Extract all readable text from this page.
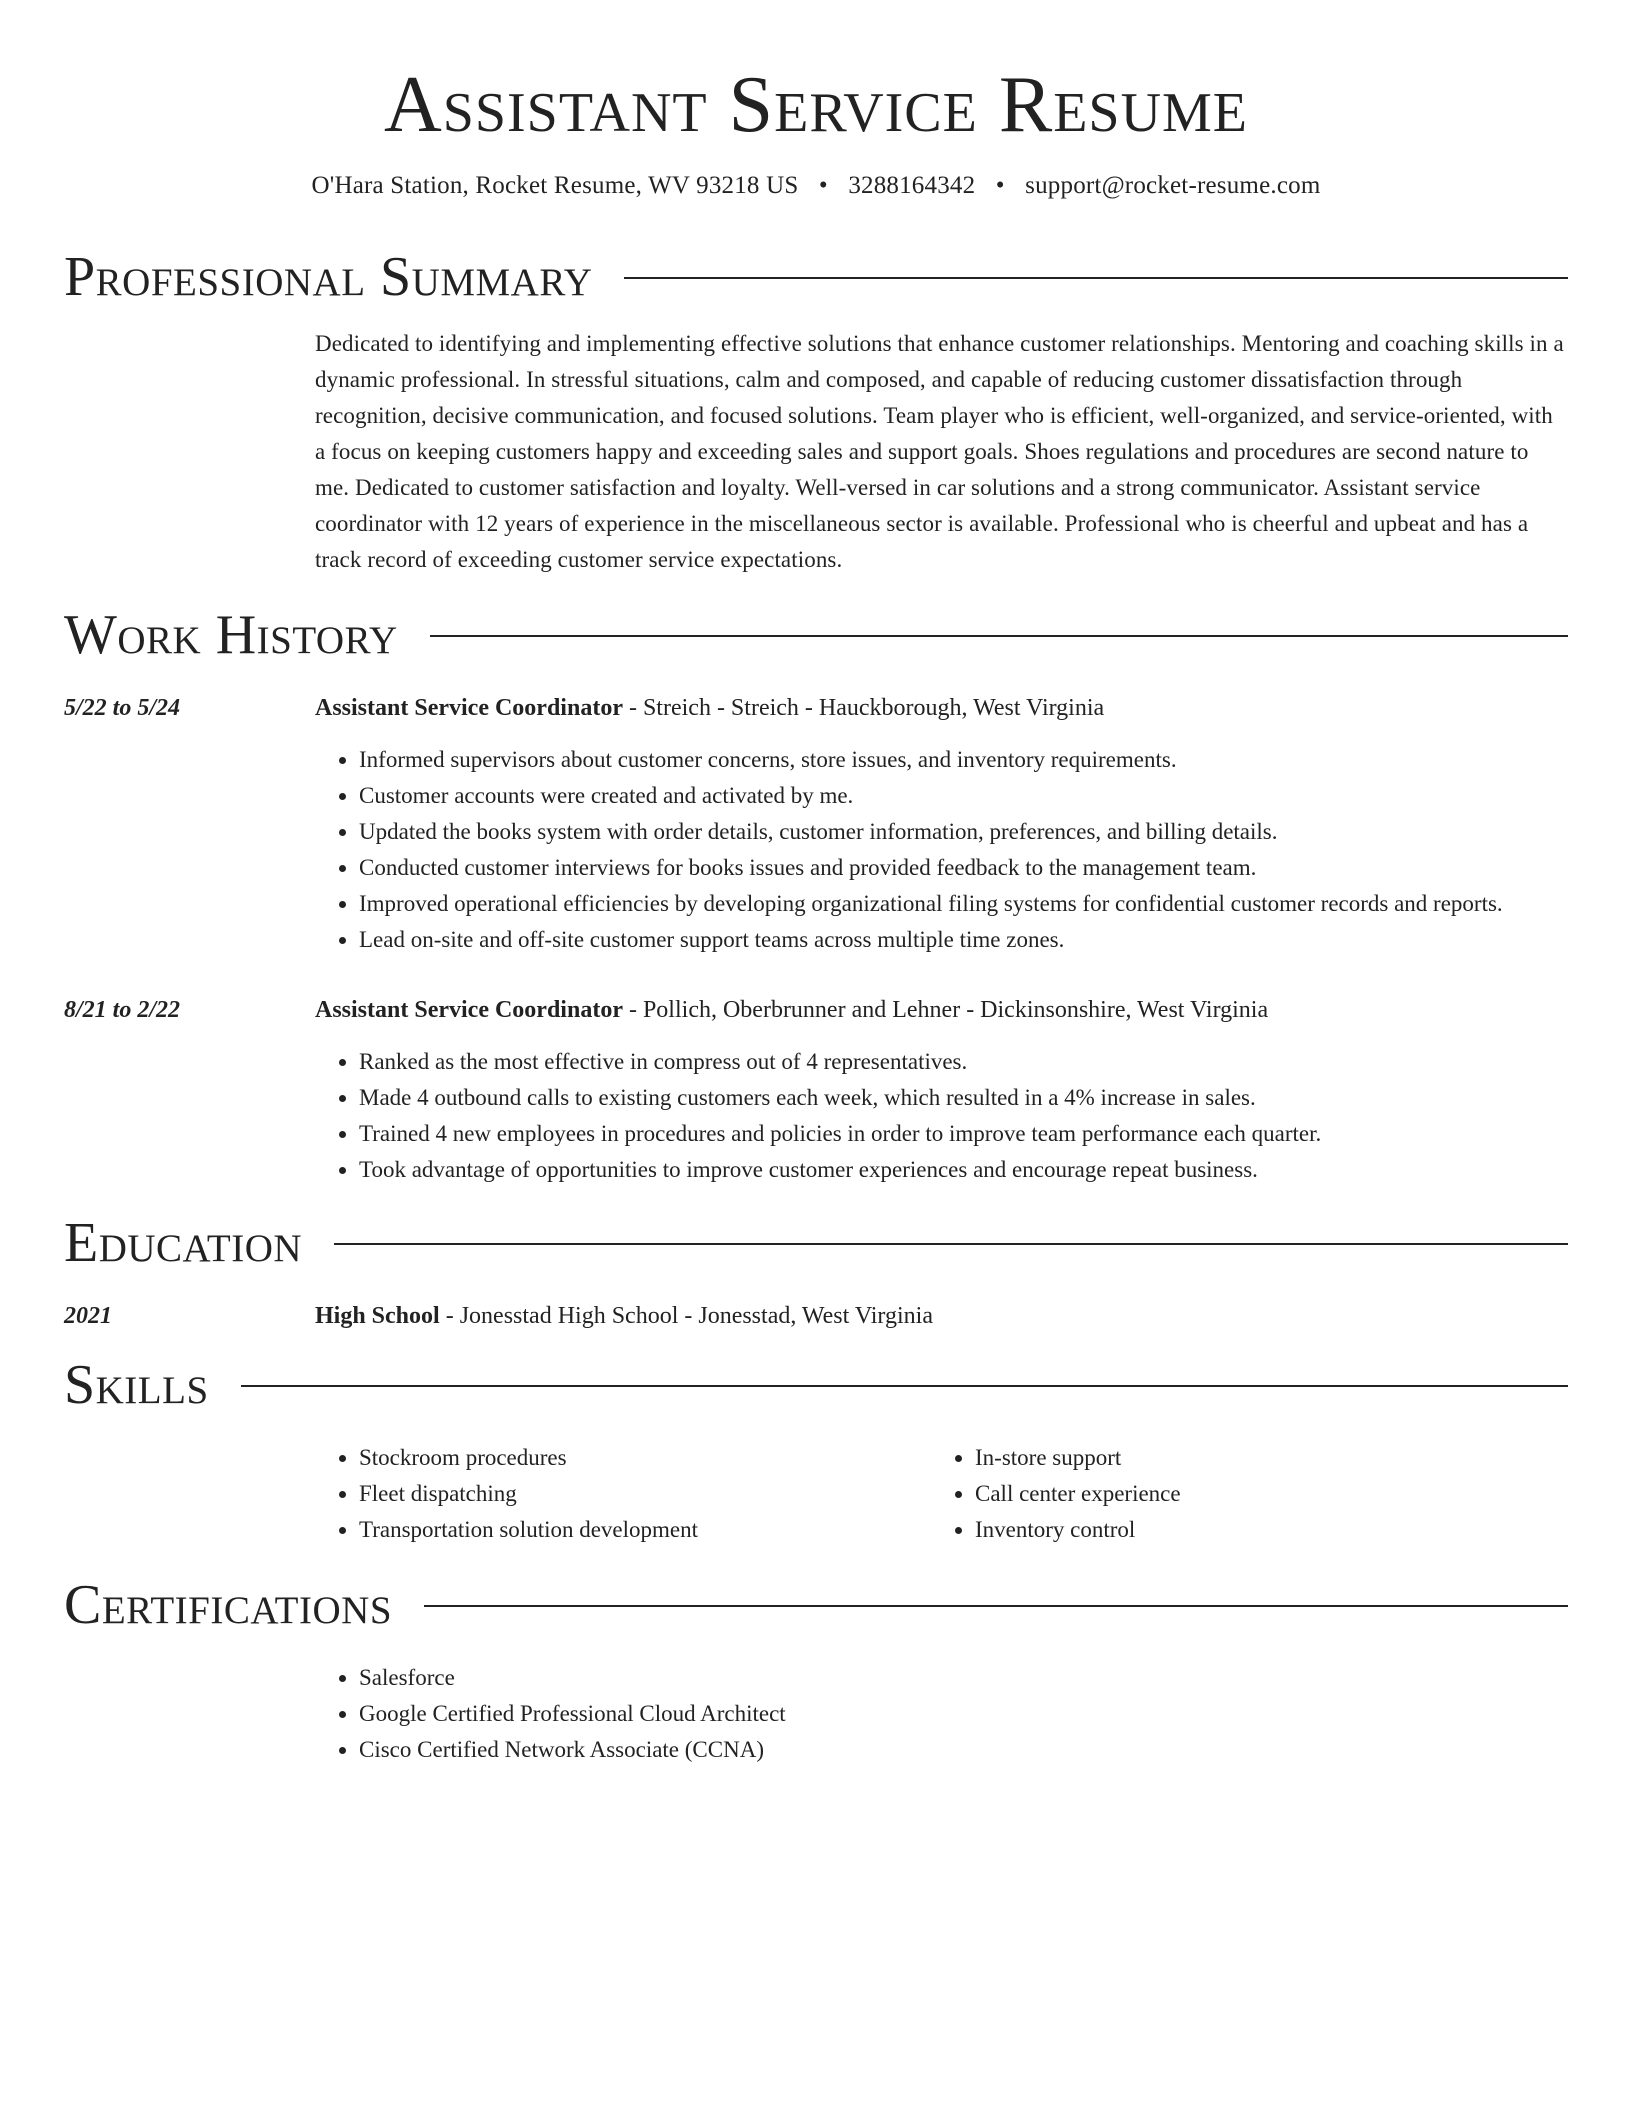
Assistant Service Resume
O'Hara Station, Rocket Resume, WV 93218 US • 3288164342 • support@rocket-resume.com
Professional Summary
Dedicated to identifying and implementing effective solutions that enhance customer relationships. Mentoring and coaching skills in a dynamic professional. In stressful situations, calm and composed, and capable of reducing customer dissatisfaction through recognition, decisive communication, and focused solutions. Team player who is efficient, well-organized, and service-oriented, with a focus on keeping customers happy and exceeding sales and support goals. Shoes regulations and procedures are second nature to me. Dedicated to customer satisfaction and loyalty. Well-versed in car solutions and a strong communicator. Assistant service coordinator with 12 years of experience in the miscellaneous sector is available. Professional who is cheerful and upbeat and has a track record of exceeding customer service expectations.
Work History
5/22 to 5/24	Assistant Service Coordinator - Streich - Streich - Hauckborough, West Virginia
• Informed supervisors about customer concerns, store issues, and inventory requirements.
• Customer accounts were created and activated by me.
• Updated the books system with order details, customer information, preferences, and billing details.
• Conducted customer interviews for books issues and provided feedback to the management team.
• Improved operational efficiencies by developing organizational filing systems for confidential customer records and reports.
• Lead on-site and off-site customer support teams across multiple time zones.
8/21 to 2/22	Assistant Service Coordinator - Pollich, Oberbrunner and Lehner - Dickinsonshire, West Virginia
• Ranked as the most effective in compress out of 4 representatives.
• Made 4 outbound calls to existing customers each week, which resulted in a 4% increase in sales.
• Trained 4 new employees in procedures and policies in order to improve team performance each quarter.
• Took advantage of opportunities to improve customer experiences and encourage repeat business.
Education
2021	High School - Jonesstad High School - Jonesstad, West Virginia
Skills
• Stockroom procedures
• Fleet dispatching
• Transportation solution development
• In-store support
• Call center experience
• Inventory control
Certifications
• Salesforce
• Google Certified Professional Cloud Architect
• Cisco Certified Network Associate (CCNA)
